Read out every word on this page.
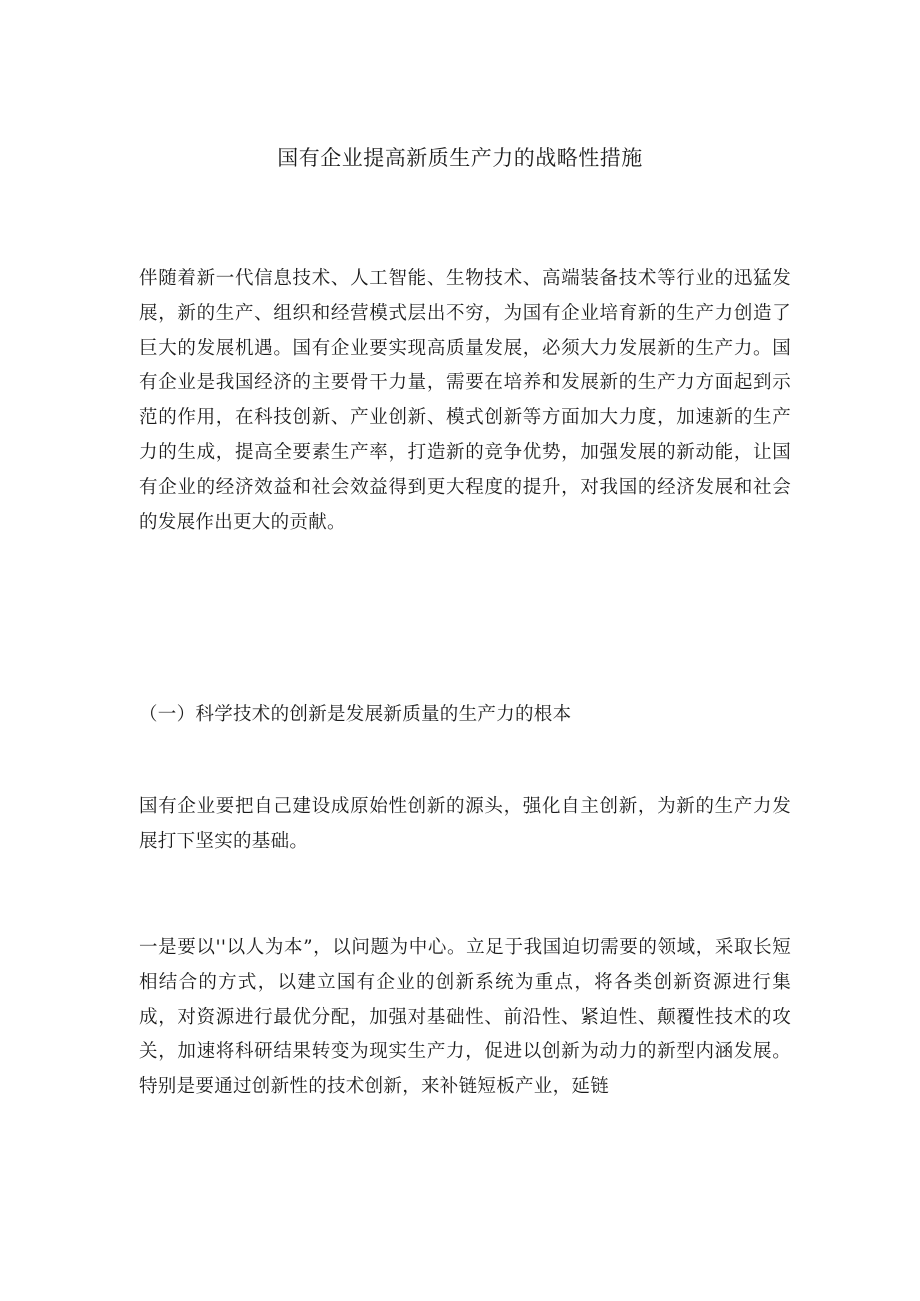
国有企业提高新质生产力的战略性措施

伴随着新一代信息技术、人工智能、生物技术、高端装备技术等行业的迅猛发展，新的生产、组织和经营模式层出不穷，为国有企业培育新的生产力创造了巨大的发展机遇。国有企业要实现高质量发展，必须大力发展新的生产力。国有企业是我国经济的主要骨干力量，需要在培养和发展新的生产力方面起到示范的作用，在科技创新、产业创新、模式创新等方面加大力度，加速新的生产力的生成，提高全要素生产率，打造新的竞争优势，加强发展的新动能，让国有企业的经济效益和社会效益得到更大程度的提升，对我国的经济发展和社会的发展作出更大的贡献。

（一）科学技术的创新是发展新质量的生产力的根本

国有企业要把自己建设成原始性创新的源头，强化自主创新，为新的生产力发展打下坚实的基础。

一是要以''以人为本”，以问题为中心。立足于我国迫切需要的领域，采取长短相结合的方式，以建立国有企业的创新系统为重点，将各类创新资源进行集成，对资源进行最优分配，加强对基础性、前沿性、紧迫性、颠覆性技术的攻关，加速将科研结果转变为现实生产力，促进以创新为动力的新型内涵发展。特别是要通过创新性的技术创新，来补链短板产业，延链
